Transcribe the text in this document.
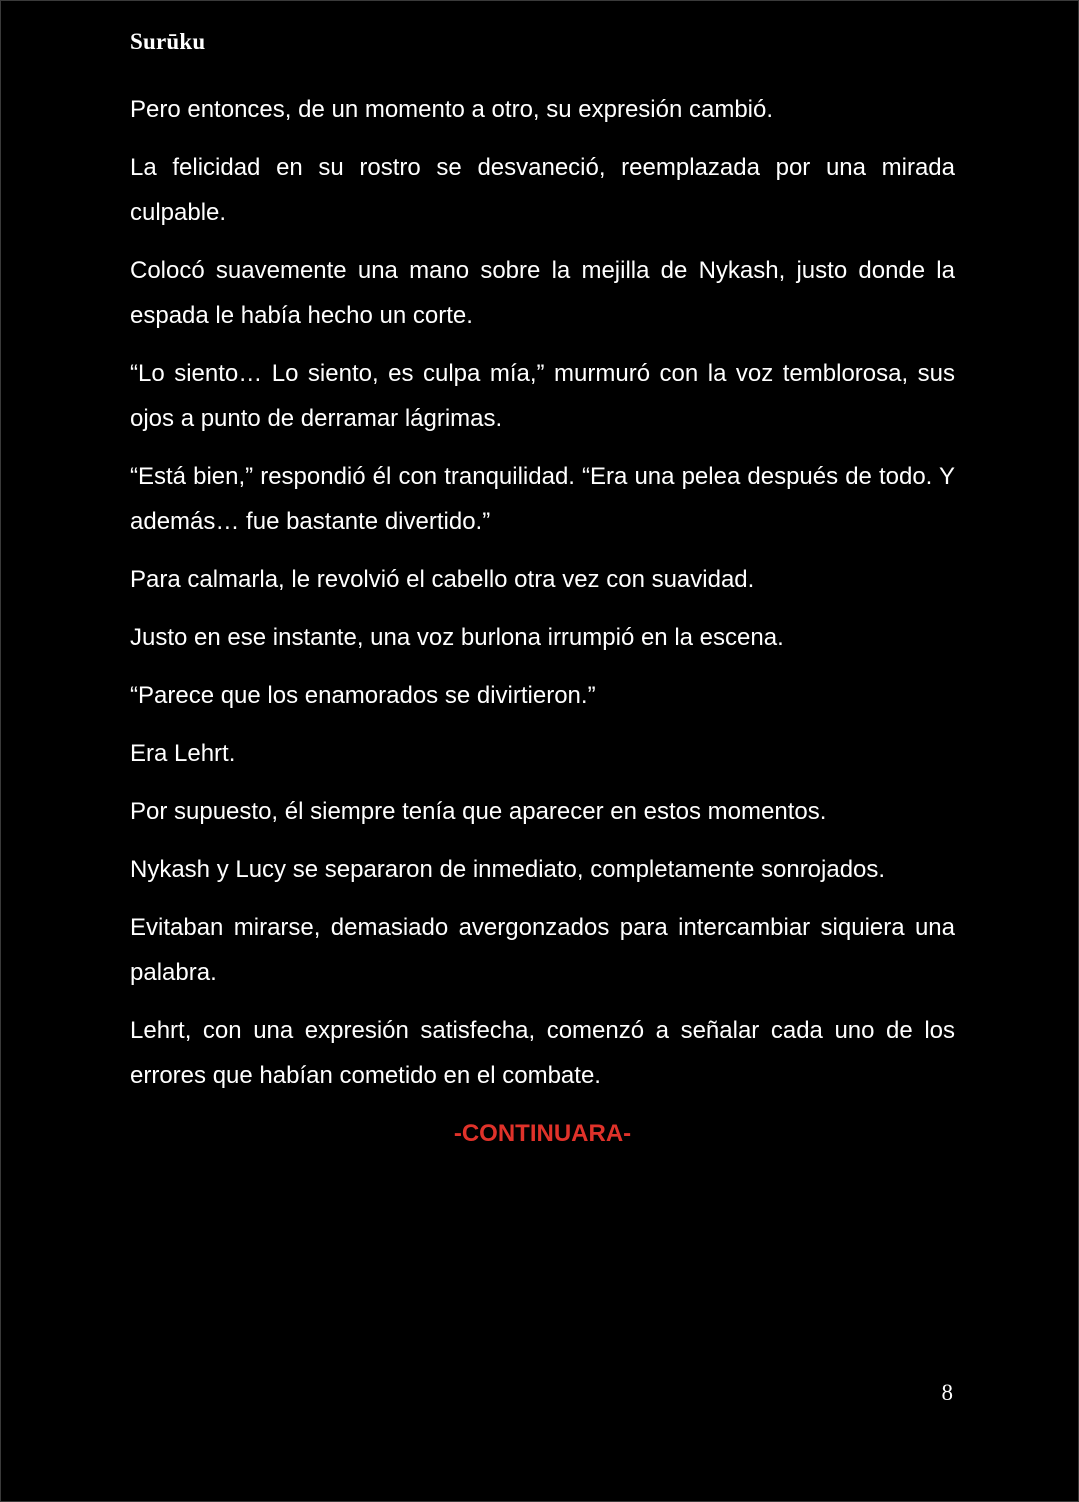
Surūku

Pero entonces, de un momento a otro, su expresión cambió.

La felicidad en su rostro se desvaneció, reemplazada por una mirada culpable.

Colocó suavemente una mano sobre la mejilla de Nykash, justo donde la espada le había hecho un corte.

“Lo siento… Lo siento, es culpa mía,” murmuró con la voz temblorosa, sus ojos a punto de derramar lágrimas.

“Está bien,” respondió él con tranquilidad. “Era una pelea después de todo. Y además… fue bastante divertido.”

Para calmarla, le revolvió el cabello otra vez con suavidad.

Justo en ese instante, una voz burlona irrumpió en la escena.

“Parece que los enamorados se divirtieron.”

Era Lehrt.

Por supuesto, él siempre tenía que aparecer en estos momentos.

Nykash y Lucy se separaron de inmediato, completamente sonrojados.

Evitaban mirarse, demasiado avergonzados para intercambiar siquiera una palabra.

Lehrt, con una expresión satisfecha, comenzó a señalar cada uno de los errores que habían cometido en el combate.

-CONTINUARA-

8
